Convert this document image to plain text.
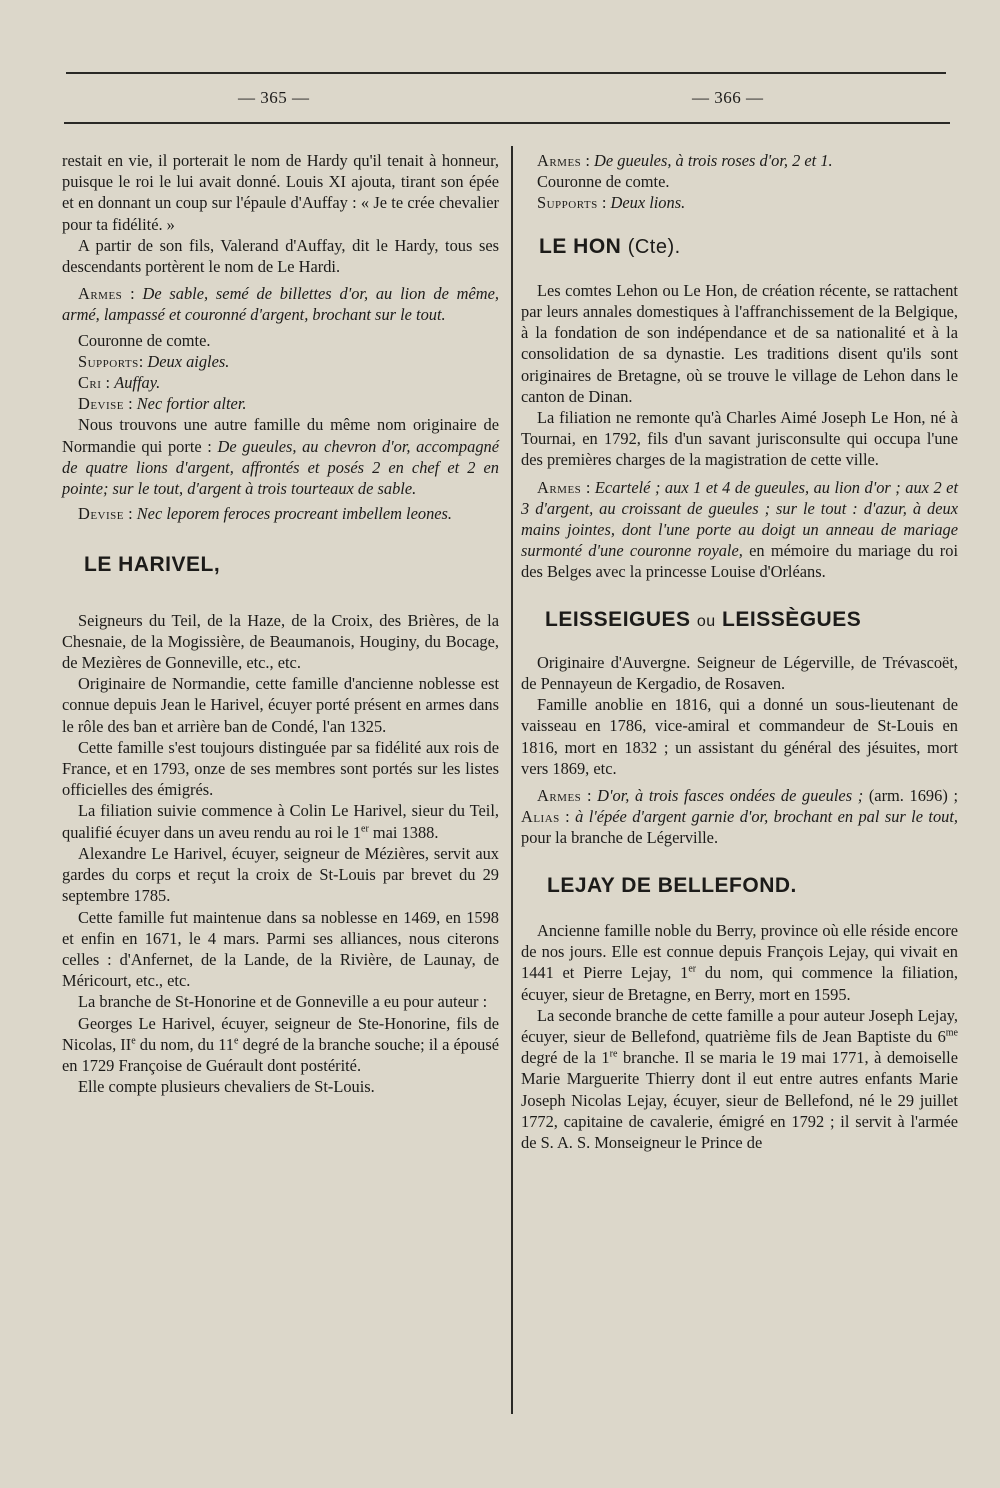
— 365 —	— 366 —

restait en vie, il porterait le nom de Hardy qu'il tenait à honneur, puisque le roi le lui avait donné. Louis XI ajouta, tirant son épée et en donnant un coup sur l'épaule d'Auffay : « Je te crée chevalier pour ta fidélité. »

A partir de son fils, Valerand d'Auffay, dit le Hardy, tous ses descendants portèrent le nom de Le Hardi.

Armes : De sable, semé de billettes d'or, au lion de même, armé, lampassé et couronné d'argent, brochant sur le tout.

Couronne de comte.

Supports: Deux aigles.

Cri : Auffay.

Devise : Nec fortior alter.

Nous trouvons une autre famille du même nom originaire de Normandie qui porte : De gueules, au chevron d'or, accompagné de quatre lions d'argent, affrontés et posés 2 en chef et 2 en pointe; sur le tout, d'argent à trois tourteaux de sable.

Devise : Nec leporem feroces procreant imbellem leones.

LE HARIVEL,

Seigneurs du Teil, de la Haze, de la Croix, des Brières, de la Chesnaie, de la Mogissière, de Beaumanois, Houginy, du Bocage, de Mezières de Gonneville, etc., etc.

Originaire de Normandie, cette famille d'ancienne noblesse est connue depuis Jean le Harivel, écuyer porté présent en armes dans le rôle des ban et arrière ban de Condé, l'an 1325.

Cette famille s'est toujours distinguée par sa fidélité aux rois de France, et en 1793, onze de ses membres sont portés sur les listes officielles des émigrés.

La filiation suivie commence à Colin Le Harivel, sieur du Teil, qualifié écuyer dans un aveu rendu au roi le 1er mai 1388.

Alexandre Le Harivel, écuyer, seigneur de Mézières, servit aux gardes du corps et reçut la croix de St-Louis par brevet du 29 septembre 1785.

Cette famille fut maintenue dans sa noblesse en 1469, en 1598 et enfin en 1671, le 4 mars. Parmi ses alliances, nous citerons celles : d'Anfernet, de la Lande, de la Rivière, de Launay, de Méricourt, etc., etc.

La branche de St-Honorine et de Gonneville a eu pour auteur :

Georges Le Harivel, écuyer, seigneur de Ste-Honorine, fils de Nicolas, IIe du nom, du 11e degré de la branche souche; il a épousé en 1729 Françoise de Guérault dont postérité.

Elle compte plusieurs chevaliers de St-Louis.

Armes : De gueules, à trois roses d'or, 2 et 1.

Couronne de comte.

Supports : Deux lions.

LE HON (Cte).

Les comtes Lehon ou Le Hon, de création récente, se rattachent par leurs annales domestiques à l'affranchissement de la Belgique, à la fondation de son indépendance et de sa nationalité et à la consolidation de sa dynastie. Les traditions disent qu'ils sont originaires de Bretagne, où se trouve le village de Lehon dans le canton de Dinan.

La filiation ne remonte qu'à Charles Aimé Joseph Le Hon, né à Tournai, en 1792, fils d'un savant jurisconsulte qui occupa l'une des premières charges de la magistration de cette ville.

Armes : Ecartelé ; aux 1 et 4 de gueules, au lion d'or ; aux 2 et 3 d'argent, au croissant de gueules ; sur le tout : d'azur, à deux mains jointes, dont l'une porte au doigt un anneau de mariage surmonté d'une couronne royale, en mémoire du mariage du roi des Belges avec la princesse Louise d'Orléans.

LEISSEIGUES ou LEISSÈGUES

Originaire d'Auvergne. Seigneur de Légerville, de Trévascoët, de Pennayeun de Kergadio, de Rosaven.

Famille anoblie en 1816, qui a donné un sous-lieutenant de vaisseau en 1786, vice-amiral et commandeur de St-Louis en 1816, mort en 1832 ; un assistant du général des jésuites, mort vers 1869, etc.

Armes : D'or, à trois fasces ondées de gueules ; (arm. 1696) ; Alias : à l'épée d'argent garnie d'or, brochant en pal sur le tout, pour la branche de Légerville.

LEJAY DE BELLEFOND.

Ancienne famille noble du Berry, province où elle réside encore de nos jours. Elle est connue depuis François Lejay, qui vivait en 1441 et Pierre Lejay, 1er du nom, qui commence la filiation, écuyer, sieur de Bretagne, en Berry, mort en 1595.

La seconde branche de cette famille a pour auteur Joseph Lejay, écuyer, sieur de Bellefond, quatrième fils de Jean Baptiste du $6^{me}$ degré de la 1re branche. Il se maria le 19 mai 1771, à demoiselle Marie Marguerite Thierry dont il eut entre autres enfants Marie Joseph Nicolas Lejay, écuyer, sieur de Bellefond, né le 29 juillet 1772, capitaine de cavalerie, émigré en 1792 ; il servit à l'armée de S. A. S. Monseigneur le Prince de
